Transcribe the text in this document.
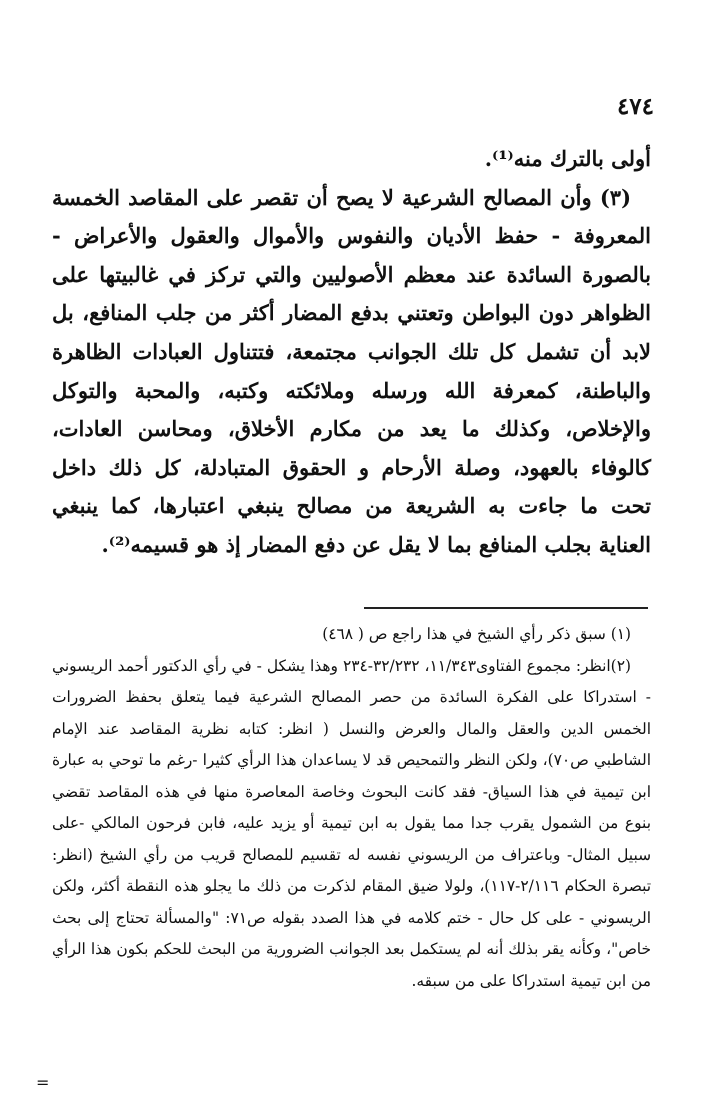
٤٧٤

أولى بالترك منه⁽¹⁾.

(٣) وأن المصالح الشرعية لا يصح أن تقصر على المقاصد الخمسة المعروفة - حفظ الأديان والنفوس والأموال والعقول والأعراض - بالصورة السائدة عند معظم الأصوليين والتي تركز في غالبيتها على الظواهر دون البواطن وتعتني بدفع المضار أكثر من جلب المنافع، بل لابد أن تشمل كل تلك الجوانب مجتمعة، فتتناول العبادات الظاهرة والباطنة، كمعرفة الله ورسله وملائكته وكتبه، والمحبة والتوكل والإخلاص، وكذلك ما يعد من مكارم الأخلاق، ومحاسن العادات، كالوفاء بالعهود، وصلة الأرحام و الحقوق المتبادلة، كل ذلك داخل تحت ما جاءت به الشريعة من مصالح ينبغي اعتبارها، كما ينبغي العناية بجلب المنافع بما لا يقل عن دفع المضار إذ هو قسيمه⁽²⁾.

(١) سبق ذكر رأي الشيخ في هذا راجع ص ( ٤٦٨)

(٢)انظر: مجموع الفتاوى١١/٣٤٣، ٣٢/٢٣٢-٢٣٤ وهذا يشكل - في رأي الدكتور أحمد الريسوني - استدراكا على الفكرة السائدة من حصر المصالح الشرعية فيما يتعلق بحفظ الضرورات الخمس الدين والعقل والمال والعرض والنسل ( انظر: كتابه نظرية المقاصد عند الإمام الشاطبي ص٧٠)، ولكن النظر والتمحيص قد لا يساعدان هذا الرأي كثيرا -رغم ما توحي به عبارة ابن تيمية في هذا السياق- فقد كانت البحوث وخاصة المعاصرة منها في هذه المقاصد تقضي بنوع من الشمول يقرب جدا مما يقول به ابن تيمية أو يزيد عليه، فابن فرحون المالكي -على سبيل المثال- وباعتراف من الريسوني نفسه له تقسيم للمصالح قريب من رأي الشيخ (انظر: تبصرة الحكام ٢/١١٦-١١٧)، ولولا ضيق المقام لذكرت من ذلك ما يجلو هذه النقطة أكثر، ولكن الريسوني - على كل حال - ختم كلامه في هذا الصدد بقوله ص٧١: "والمسألة تحتاج إلى بحث خاص"، وكأنه يقر بذلك أنه لم يستكمل بعد الجوانب الضرورية من البحث للحكم بكون هذا الرأي من ابن تيمية استدراكا على من سبقه.

=
